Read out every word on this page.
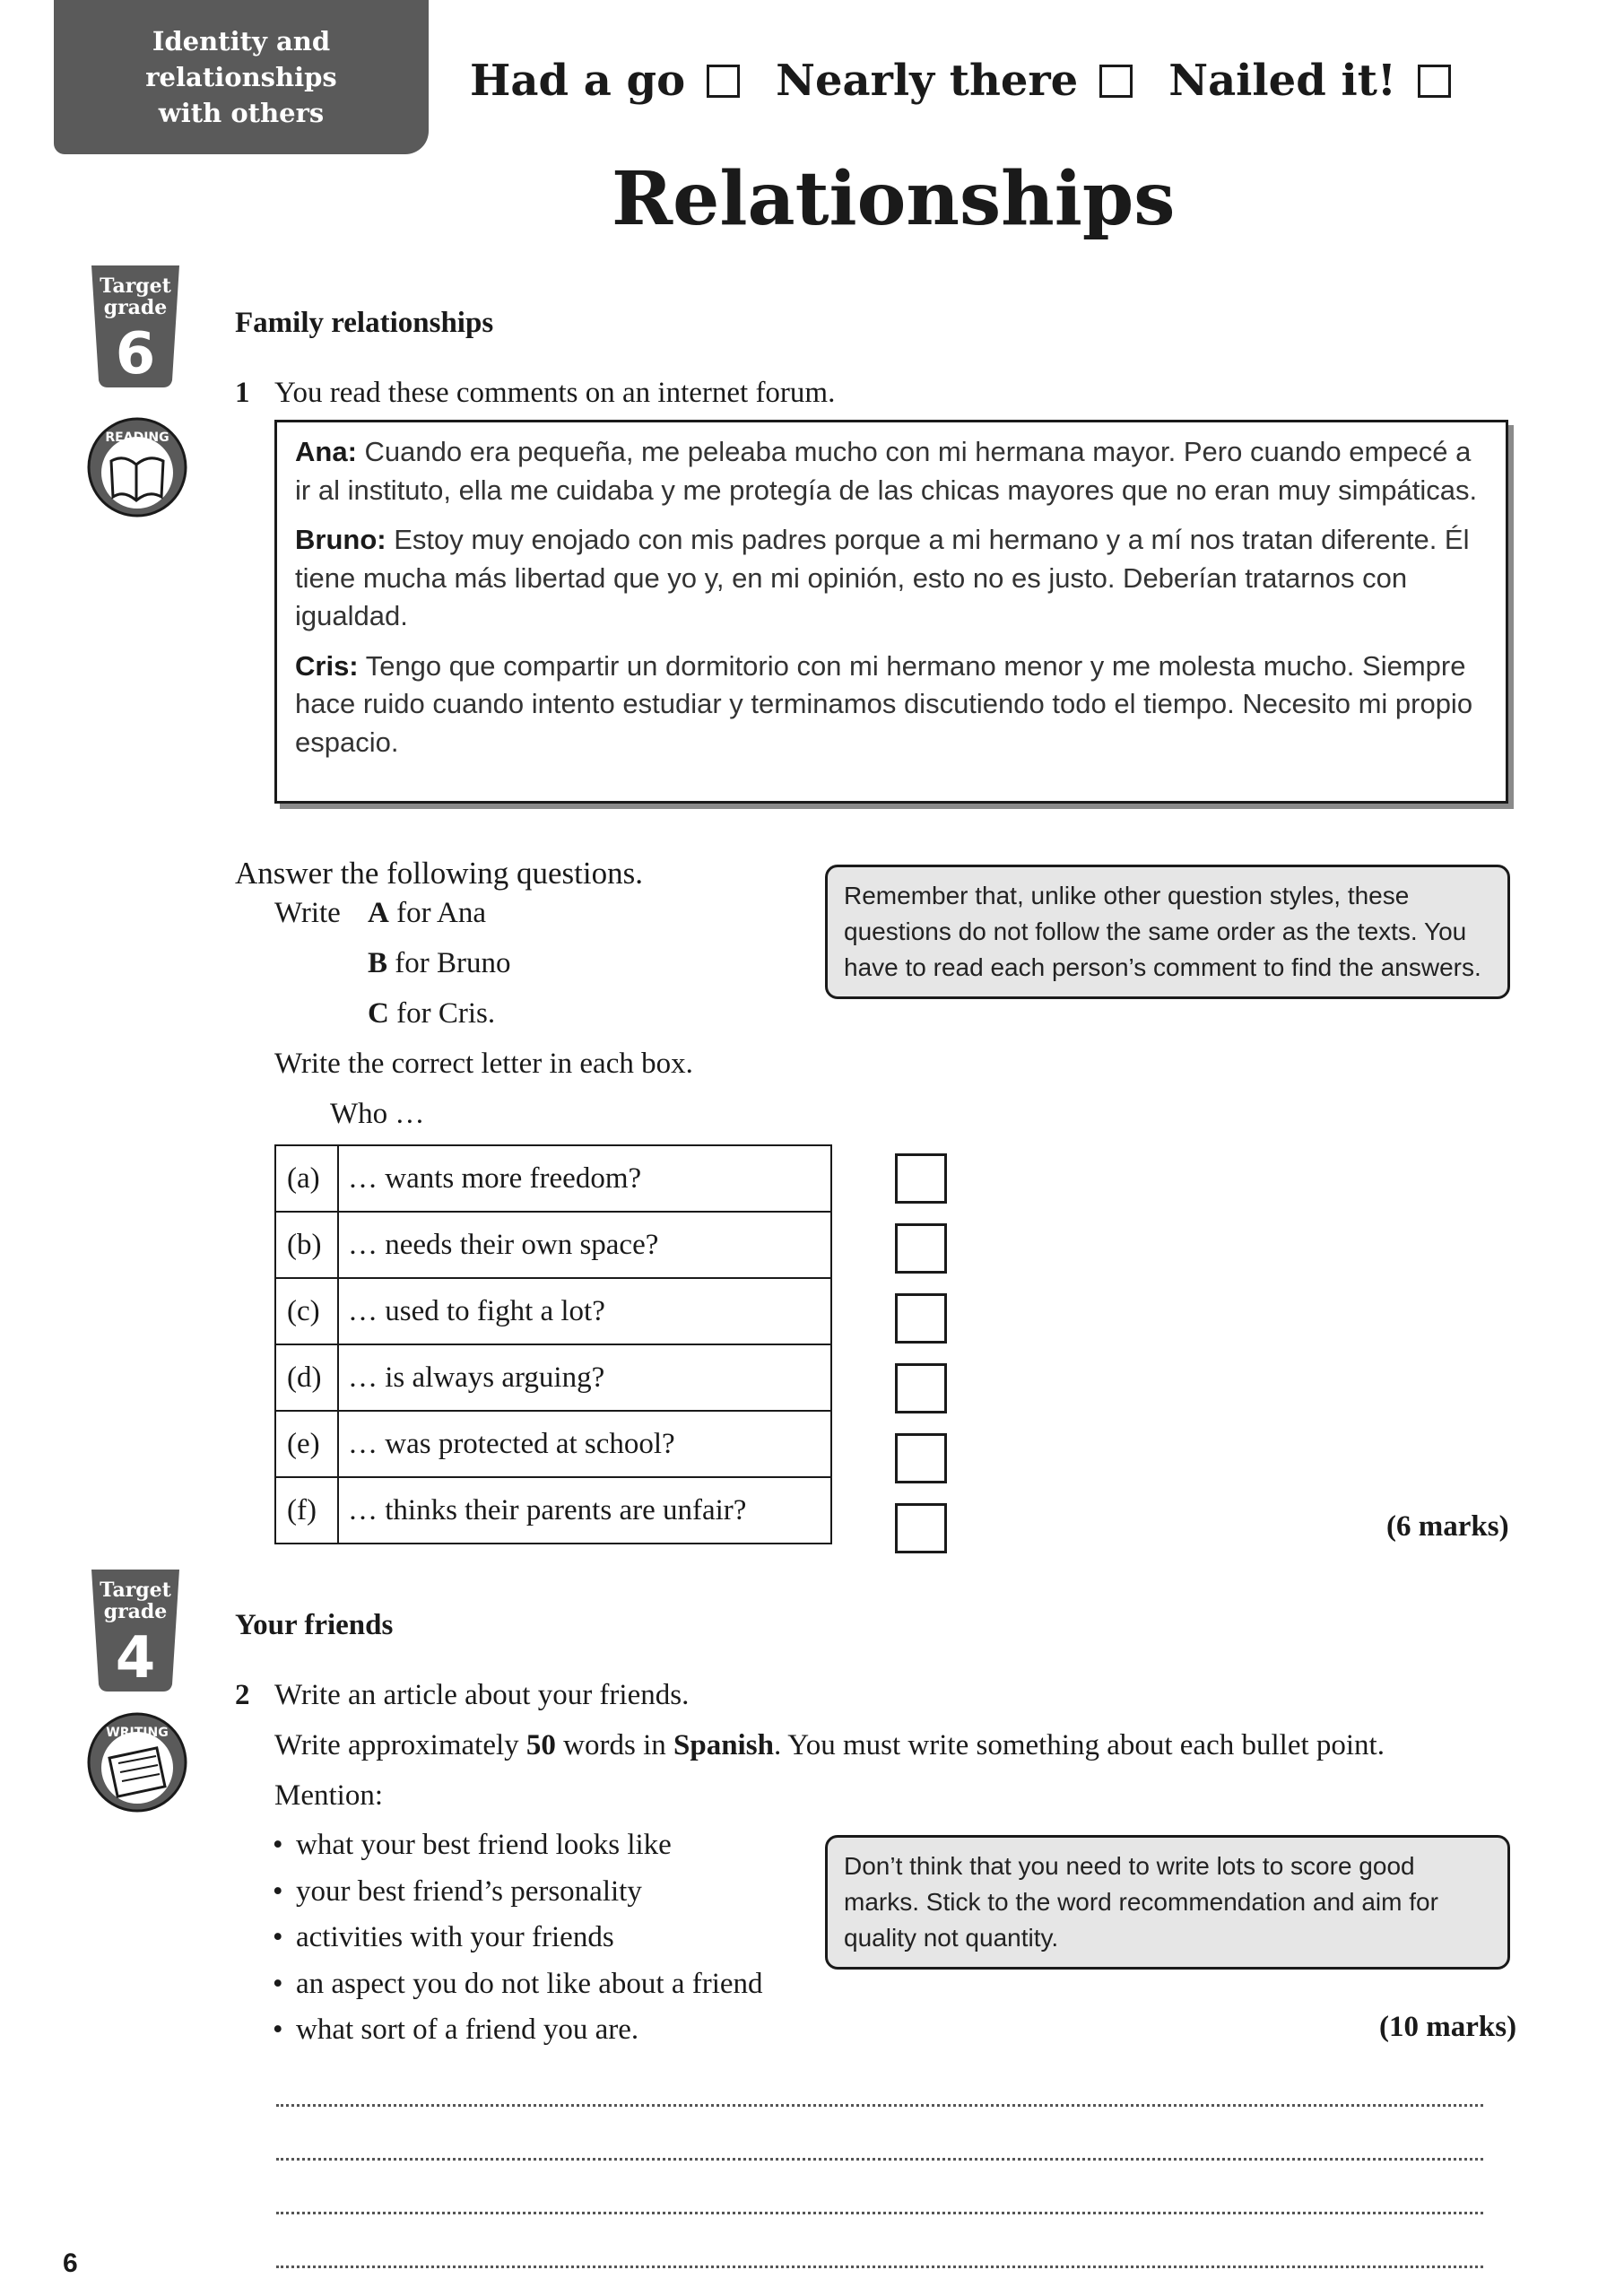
Identity and relationships
with others
Had a go Nearly there Nailed it!
Relationships
Target
grade
6
READING
Family relationships
1 You read these comments on an internet forum.

Ana: Cuando era pequeña, me peleaba mucho con mi hermana mayor. Pero cuando empecé a ir al instituto, ella me cuidaba y me protegía de las chicas mayores que no eran muy simpáticas.

Bruno: Estoy muy enojado con mis padres porque a mi hermano y a mí nos tratan diferente. Él tiene mucha más libertad que yo y, en mi opinión, esto no es justo. Deberían tratarnos con igualdad.

Cris: Tengo que compartir un dormitorio con mi hermano menor y me molesta mucho. Siempre hace ruido cuando intento estudiar y terminamos discutiendo todo el tiempo. Necesito mi propio espacio.

Answer the following questions.
Write A for Ana
B for Bruno
C for Cris.
Write the correct letter in each box.
Who …
Remember that, unlike other question styles, these questions do not follow the same order as the texts. You have to read each person’s comment to find the answers.
(a)	… wants more freedom?
(b)	… needs their own space?
(c)	… used to fight a lot?
(d)	… is always arguing?
(e)	… was protected at school?
(f)	… thinks their parents are unfair?
(6 marks)
Target
grade
4
WRITING
Your friends
2 Write an article about your friends.
Write approximately 50 words in Spanish. You must write something about each bullet point.
Mention:
• what your best friend looks like
• your best friend’s personality
• activities with your friends
• an aspect you do not like about a friend
• what sort of a friend you are.
Don’t think that you need to write lots to score good marks. Stick to the word recommendation and aim for quality not quantity.
(10 marks)
6
